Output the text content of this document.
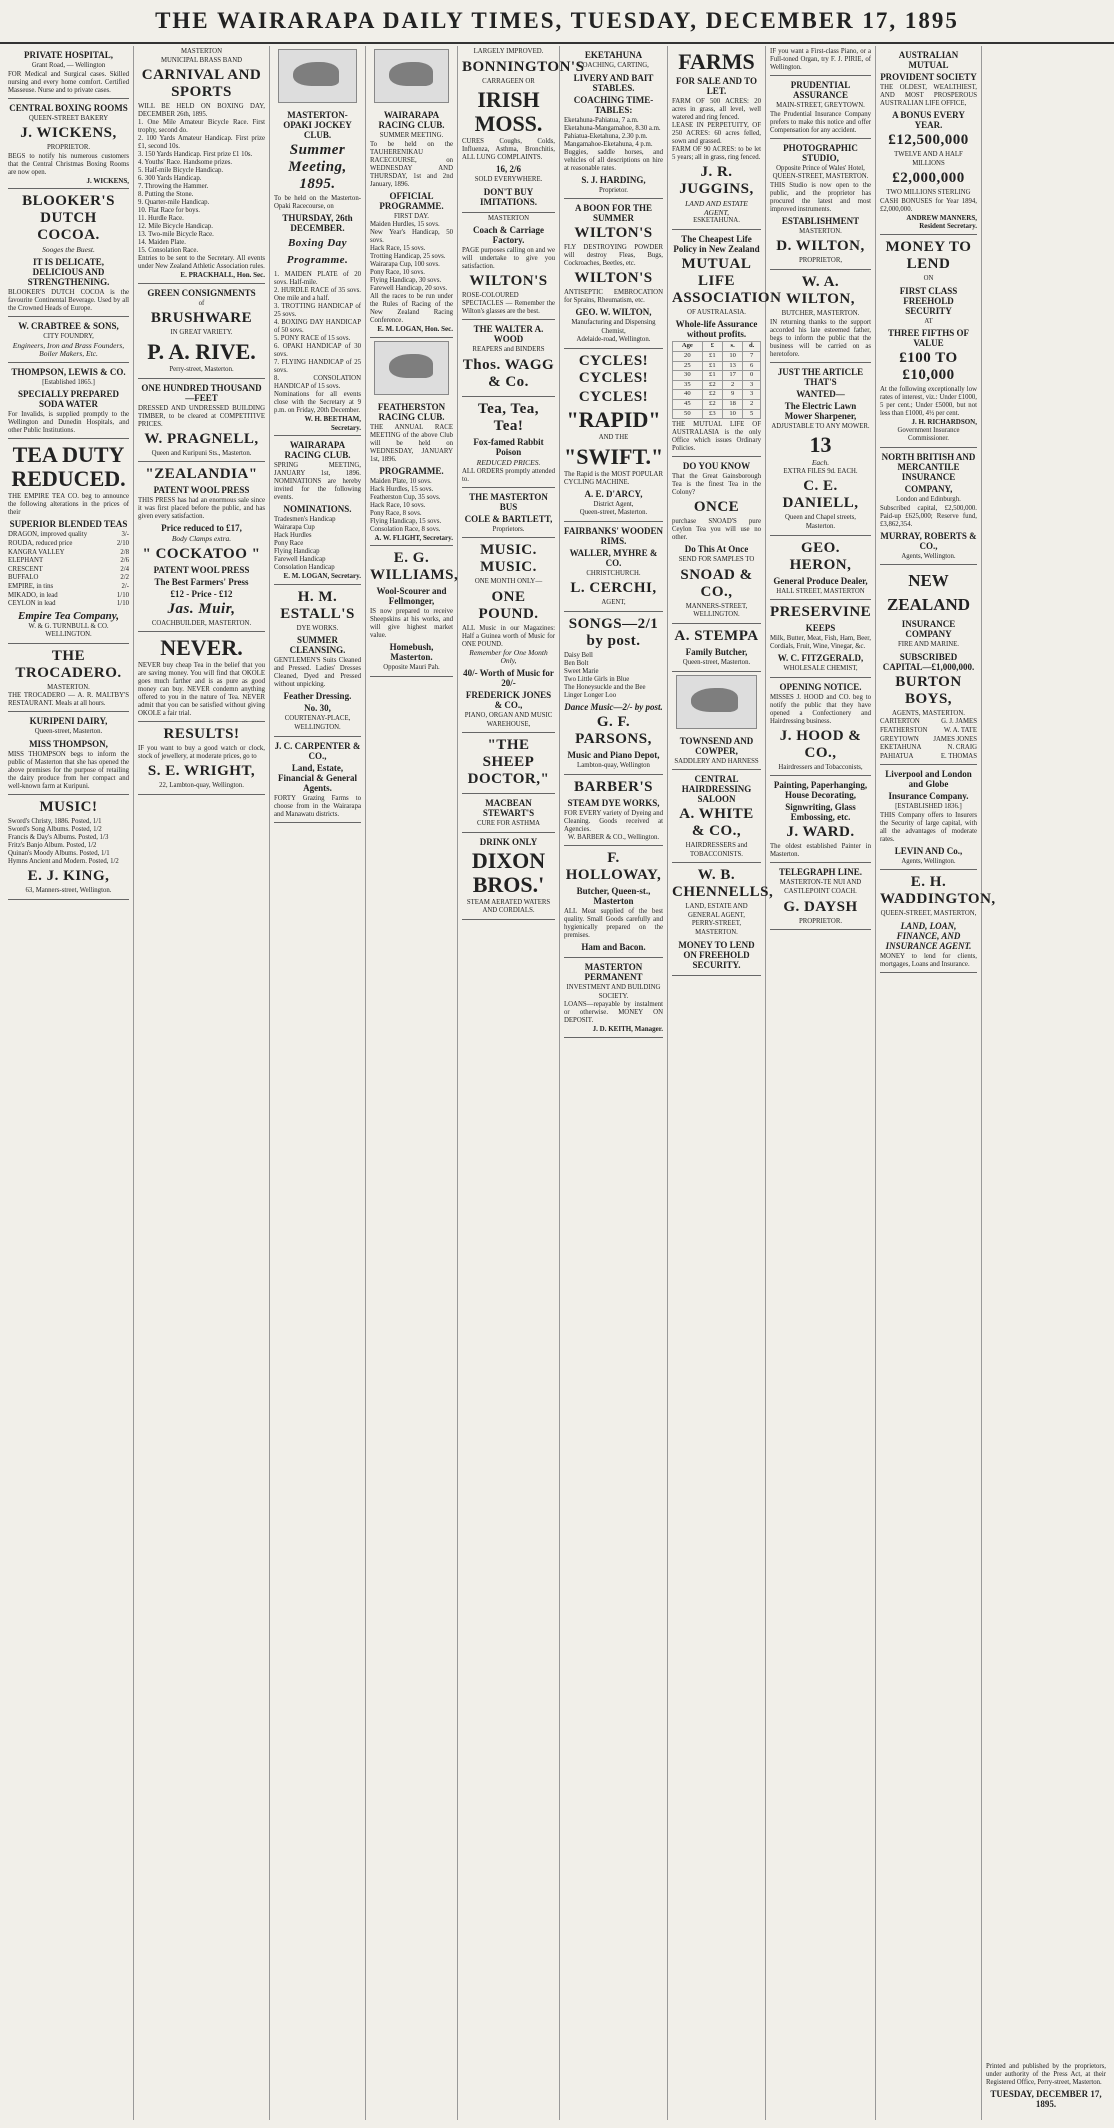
THE WAIRARAPA DAILY TIMES, TUESDAY, DECEMBER 17, 1895
PRIVATE HOSPITAL,
Grant Road, — Wellington
FOR Medical and Surgical cases. Skilled nursing and every home comfort. Certified Masseuse. Nurse and to private cases.
CENTRAL BOXING ROOMS
QUEEN-STREET BAKERY
J. WICKENS,
PROPRIETOR.
BEGS to notify his numerous customers that the Central Christmas Boxing Rooms are now open.
J. WICKENS,
BLOOKER'S DUTCH COCOA.
Sooges the Buest.
IT IS DELICATE, DELICIOUS AND STRENGTHENING.
BLOOKER'S DUTCH COCOA is the favourite Continental Beverage. Used by all the Crowned Heads of Europe.
W. CRABTREE & SONS,
CITY FOUNDRY,
Engineers, Iron and Brass Founders, Boiler Makers, Etc.
THOMPSON, LEWIS & CO.
[Established 1865.]
SPECIALLY PREPARED SODA WATER
For Invalids, is supplied promptly to the Wellington and Dunedin Hospitals, and other Public Institutions.
TEA DUTY REDUCED.
THE EMPIRE TEA CO. beg to announce the following alterations in the prices of their
SUPERIOR BLENDED TEAS
DRAGON, improved quality	3/-
ROUDA, reduced price	2/10
KANGRA VALLEY	2/8
ELEPHANT	2/6
CRESCENT	2/4
BUFFALO	2/2
EMPIRE, in tins	2/-
MIKADO, in lead	1/10
CEYLON in lead	1/10
Empire Tea Company,
W. & G. TURNBULL & CO.
WELLINGTON.
THE TROCADERO.
MASTERTON.
THE TROCADERO — A. R. MALTBY'S RESTAURANT. Meals at all hours.
KURIPENI DAIRY,
Queen-street, Masterton.
MISS THOMPSON,
MISS THOMPSON begs to inform the public of Masterton that she has opened the above premises for the purpose of retailing the dairy produce from her compact and well-known farm at Kuripuni.
MUSIC!
Sword's Christy, 1886. Posted, 1/1
Sword's Song Albums. Posted, 1/2
Francis & Day's Albums. Posted, 1/3
Fritz's Banjo Album. Posted, 1/2
Quinan's Moody Albums. Posted, 1/1
Hymns Ancient and Modern. Posted, 1/2
E. J. KING,
63, Manners-street, Wellington.
MASTERTON
MUNICIPAL BRASS BAND
CARNIVAL AND SPORTS
WILL BE HELD ON BOXING DAY, DECEMBER 26th, 1895.
1. One Mile Amateur Bicycle Race. First trophy, second do.
2. 100 Yards Amateur Handicap. First prize £1, second 10s.
3. 150 Yards Handicap. First prize £1 10s.
4. Youths' Race. Handsome prizes.
5. Half-mile Bicycle Handicap.
6. 300 Yards Handicap.
7. Throwing the Hammer.
8. Putting the Stone.
9. Quarter-mile Handicap.
10. Flat Race for boys.
11. Hurdle Race.
12. Mile Bicycle Handicap.
13. Two-mile Bicycle Race.
14. Maiden Plate.
15. Consolation Race.
Entries to be sent to the Secretary. All events under New Zealand Athletic Association rules.
E. PRACKHALL, Hon. Sec.
GREEN CONSIGNMENTS
of
BRUSHWARE
IN GREAT VARIETY.
P. A. RIVE.
Perry-street, Masterton.
ONE HUNDRED THOUSAND—FEET
DRESSED AND UNDRESSED BUILDING TIMBER, to be cleared at COMPETITIVE PRICES.
W. PRAGNELL,
Queen and Kuripuni Sts., Masterton.
"ZEALANDIA"
PATENT WOOL PRESS
THIS PRESS has had an enormous sale since it was first placed before the public, and has given every satisfaction.
Price reduced to £17,
Body Clamps extra.
" COCKATOO "
PATENT WOOL PRESS
The Best Farmers' Press
£12 - Price - £12
Jas. Muir,
COACHBUILDER, MASTERTON.
NEVER.
NEVER buy cheap Tea in the belief that you are saving money. You will find that OKOLE goes much farther and is as pure as good money can buy. NEVER condemn anything offered to you in the nature of Tea. NEVER admit that you can be satisfied without giving OKOLE a fair trial.
RESULTS!
IF you want to buy a good watch or clock, stock of jewellery, at moderate prices, go to
S. E. WRIGHT,
22, Lambton-quay, Wellington.
MASTERTON-OPAKI JOCKEY CLUB.
Summer Meeting, 1895.
To be held on the Masterton-Opaki Racecourse, on
THURSDAY, 26th DECEMBER.
Boxing Day Programme.
1. MAIDEN PLATE of 20 sovs. Half-mile.
2. HURDLE RACE of 35 sovs. One mile and a half.
3. TROTTING HANDICAP of 25 sovs.
4. BOXING DAY HANDICAP of 50 sovs.
5. PONY RACE of 15 sovs.
6. OPAKI HANDICAP of 30 sovs.
7. FLYING HANDICAP of 25 sovs.
8. CONSOLATION HANDICAP of 15 sovs.
Nominations for all events close with the Secretary at 9 p.m. on Friday, 20th December.
W. H. BEETHAM, Secretary.
WAIRARAPA RACING CLUB.
SPRING MEETING, JANUARY 1st, 1896. NOMINATIONS are hereby invited for the following events.
NOMINATIONS.
Tradesmen's Handicap
Wairarapa Cup
Hack Hurdles
Pony Race
Flying Handicap
Farewell Handicap
Consolation Handicap
E. M. LOGAN, Secretary.
H. M. ESTALL'S
DYE WORKS.
SUMMER CLEANSING.
GENTLEMEN'S Suits Cleaned and Pressed. Ladies' Dresses Cleaned, Dyed and Pressed without unpicking.
Feather Dressing.
No. 30,
COURTENAY-PLACE, WELLINGTON.
J. C. CARPENTER & CO.,
Land, Estate, Financial & General Agents.
FORTY Grazing Farms to choose from in the Wairarapa and Manawatu districts.
WAIRARAPA RACING CLUB.
SUMMER MEETING.
To be held on the TAUHERENIKAU RACECOURSE, on WEDNESDAY AND THURSDAY, 1st and 2nd January, 1896.
OFFICIAL PROGRAMME.
FIRST DAY.
Maiden Hurdles, 15 sovs.
New Year's Handicap, 50 sovs.
Hack Race, 15 sovs.
Trotting Handicap, 25 sovs.
Wairarapa Cup, 100 sovs.
Pony Race, 10 sovs.
Flying Handicap, 30 sovs.
Farewell Handicap, 20 sovs.
All the races to be run under the Rules of Racing of the New Zealand Racing Conference.
E. M. LOGAN, Hon. Sec.
FEATHERSTON RACING CLUB.
THE ANNUAL RACE MEETING of the above Club will be held on WEDNESDAY, JANUARY 1st, 1896.
PROGRAMME.
Maiden Plate, 10 sovs.
Hack Hurdles, 15 sovs.
Featherston Cup, 35 sovs.
Hack Race, 10 sovs.
Pony Race, 8 sovs.
Flying Handicap, 15 sovs.
Consolation Race, 8 sovs.
A. W. FLIGHT, Secretary.
E. G. WILLIAMS,
Wool-Scourer and Fellmonger,
IS now prepared to receive Sheepskins at his works, and will give highest market value.
Homebush, Masterton.
Opposite Mauri Pah.
LARGELY IMPROVED.
BONNINGTON'S
CARRAGEEN OR
IRISH MOSS.
CURES Coughs, Colds, Influenza, Asthma, Bronchitis, ALL LUNG COMPLAINTS.
16, 2/6
SOLD EVERYWHERE.
DON'T BUY IMITATIONS.
MASTERTON
Coach & Carriage Factory.
PAGE purposes calling on and we will undertake to give you satisfaction.
WILTON'S
ROSE-COLOURED SPECTACLES — Remember the Wilton's glasses are the best.
THE WALTER A. WOOD
REAPERS and BINDERS
Thos. WAGG & Co.
Tea, Tea, Tea!
Fox-famed Rabbit Poison
REDUCED PRICES.
ALL ORDERS promptly attended to.
THE MASTERTON BUS
COLE & BARTLETT,
Proprietors.
MUSIC. MUSIC.
ONE MONTH ONLY—
ONE POUND.
ALL Music in our Magazines: Half a Guinea worth of Music for ONE POUND.
Remember for One Month Only,
40/- Worth of Music for 20/-
FREDERICK JONES & CO.,
PIANO, ORGAN AND MUSIC WAREHOUSE,
"THE SHEEP DOCTOR,"
MACBEAN STEWART'S
CURE FOR ASTHMA
DRINK ONLY
DIXON BROS.'
STEAM AERATED WATERS AND CORDIALS.
EKETAHUNA
COACHING, CARTING,
LIVERY AND BAIT STABLES.
COACHING TIME-TABLES:
Eketahuna-Pahiatua, 7 a.m.
Eketahuna-Mangamahoe, 8.30 a.m.
Pahiatua-Eketahuna, 2.30 p.m.
Mangamahoe-Eketahuna, 4 p.m.
Buggies, saddle horses, and vehicles of all descriptions on hire at reasonable rates.
S. J. HARDING,
Proprietor.
A BOON FOR THE SUMMER
WILTON'S
FLY DESTROYING POWDER will destroy Fleas, Bugs, Cockroaches, Beetles, etc.
WILTON'S
ANTISEPTIC EMBROCATION for Sprains, Rheumatism, etc.
GEO. W. WILTON,
Manufacturing and Dispensing Chemist,
Adelaide-road, Wellington.
CYCLES! CYCLES!
CYCLES!
"RAPID"
AND THE
"SWIFT."
The Rapid is the MOST POPULAR CYCLING MACHINE.
A. E. D'ARCY,
District Agent,
Queen-street, Masterton.
FAIRBANKS' WOODEN RIMS.
WALLER, MYHRE & CO.
CHRISTCHURCH.
L. CERCHI,
AGENT,
SONGS—2/1 by post.
Daisy Bell
Ben Bolt
Sweet Marie
Two Little Girls in Blue
The Honeysuckle and the Bee
Linger Longer Loo
Dance Music—2/- by post.
G. F. PARSONS,
Music and Piano Depot,
Lambton-quay, Wellington
BARBER'S
STEAM DYE WORKS,
FOR EVERY variety of Dyeing and Cleaning. Goods received at Agencies.
W. BARBER & CO., Wellington.
F. HOLLOWAY,
Butcher, Queen-st., Masterton
ALL Meat supplied of the best quality. Small Goods carefully and hygienically prepared on the premises.
Ham and Bacon.
MASTERTON PERMANENT
INVESTMENT AND BUILDING SOCIETY.
LOANS—repayable by instalment or otherwise. MONEY ON DEPOSIT.
J. D. KEITH, Manager.
FARMS
FOR SALE AND TO LET.
FARM OF 500 ACRES: 20 acres in grass, all level, well watered and ring fenced.
LEASE IN PERPETUITY, OF 250 ACRES: 60 acres felled, sown and grassed.
FARM OF 90 ACRES: to be let 5 years; all in grass, ring fenced.
J. R. JUGGINS,
LAND AND ESTATE AGENT,
ESKETAHUNA.
The Cheapest Life Policy in New Zealand
MUTUAL LIFE ASSOCIATION
OF AUSTRALASIA.
Whole-life Assurance without profits.
Age	£	s.	d.
20	£1	10	7
25	£1	13	6
30	£1	17	0
35	£2	2	3
40	£2	9	3
45	£2	18	2
50	£3	10	5
THE MUTUAL LIFE OF AUSTRALASIA is the only Office which issues Ordinary Policies.
DO YOU KNOW
That the Great Gainsborough Tea is the finest Tea in the Colony?
ONCE
purchase SNOAD'S pure Ceylon Tea you will use no other.
Do This At Once
SEND FOR SAMPLES TO
SNOAD & CO.,
MANNERS-STREET, WELLINGTON.
A. STEMPA
Family Butcher,
Queen-street, Masterton.
TOWNSEND AND COWPER,
SADDLERY AND HARNESS
CENTRAL HAIRDRESSING SALOON
A. WHITE & CO.,
HAIRDRESSERS and TOBACCONISTS.
W. B. CHENNELLS,
LAND, ESTATE AND GENERAL AGENT,
PERRY-STREET, MASTERTON.
MONEY TO LEND ON FREEHOLD SECURITY.
IF you want a First-class Piano, or a Full-toned Organ, try F. J. PIRIE, of Wellington.
PRUDENTIAL ASSURANCE
MAIN-STREET, GREYTOWN.
The Prudential Insurance Company prefers to make this notice and offer Compensation for any accident.
PHOTOGRAPHIC STUDIO,
Opposite Prince of Wales' Hotel,
QUEEN-STREET, MASTERTON.
THIS Studio is now open to the public, and the proprietor has procured the latest and most improved instruments.
ESTABLISHMENT
MASTERTON.
D. WILTON,
PROPRIETOR,
W. A. WILTON,
BUTCHER, MASTERTON.
IN returning thanks to the support accorded his late esteemed father, begs to inform the public that the business will be carried on as heretofore.
JUST THE ARTICLE THAT'S
WANTED—
The Electric Lawn Mower Sharpener,
ADJUSTABLE TO ANY MOWER.
13
Each.
EXTRA FILES 9d. EACH.
C. E. DANIELL,
Queen and Chapel streets, Masterton.
GEO. HERON,
General Produce Dealer,
HALL STREET, MASTERTON
PRESERVINE
KEEPS
Milk, Butter, Meat, Fish, Ham, Beer, Cordials, Fruit, Wine, Vinegar, &c.
W. C. FITZGERALD,
WHOLESALE CHEMIST,
OPENING NOTICE.
MISSES J. HOOD and CO. beg to notify the public that they have opened a Confectionery and Hairdressing business.
J. HOOD & CO.,
Hairdressers and Tobacconists,
Painting, Paperhanging, House Decorating,
Signwriting, Glass Embossing, etc.
J. WARD.
The oldest established Painter in Masterton.
TELEGRAPH LINE.
MASTERTON-TE NUI AND CASTLEPOINT COACH.
G. DAYSH
PROPRIETOR.
AUSTRALIAN MUTUAL
PROVIDENT SOCIETY
THE OLDEST, WEALTHIEST, AND MOST PROSPEROUS AUSTRALIAN LIFE OFFICE,
A BONUS EVERY YEAR.
£12,500,000
TWELVE AND A HALF MILLIONS
£2,000,000
TWO MILLIONS STERLING
CASH BONUSES for Year 1894, £2,000,000.
ANDREW MANNERS, Resident Secretary.
MONEY TO LEND
ON
FIRST CLASS FREEHOLD SECURITY
AT
THREE FIFTHS OF VALUE
£100 TO £10,000
At the following exceptionally low rates of interest, viz.: Under £1000, 5 per cent.; Under £5000, but not less than £1000, 4½ per cent.
J. H. RICHARDSON,
Government Insurance Commissioner.
NORTH BRITISH AND MERCANTILE INSURANCE
COMPANY,
London and Edinburgh.
Subscribed capital, £2,500,000. Paid-up £625,000; Reserve fund, £3,862,354.
MURRAY, ROBERTS & CO.,
Agents, Wellington.
NEW ZEALAND
INSURANCE COMPANY
FIRE AND MARINE.
SUBSCRIBED CAPITAL—£1,000,000.
BURTON BOYS,
AGENTS, MASTERTON.
CARTERTON	G. J. JAMES
FEATHERSTON W. A. TATE
GREYTOWN JAMES JONES
EKETAHUNA	N. CRAIG
PAHIATUA	E. THOMAS
Liverpool and London and Globe
Insurance Company.
[ESTABLISHED 1836.]
THIS Company offers to Insurers the Security of large capital, with all the advantages of moderate rates.
LEVIN AND Co.,
Agents, Wellington.
E. H. WADDINGTON,
QUEEN-STREET, MASTERTON,
LAND, LOAN, FINANCE, AND INSURANCE AGENT.
MONEY to lend for clients, mortgages, Loans and Insurance.
Printed and published by the proprietors, under authority of the Press Act, at their Registered Office, Perry-street, Masterton.
TUESDAY, DECEMBER 17, 1895.
